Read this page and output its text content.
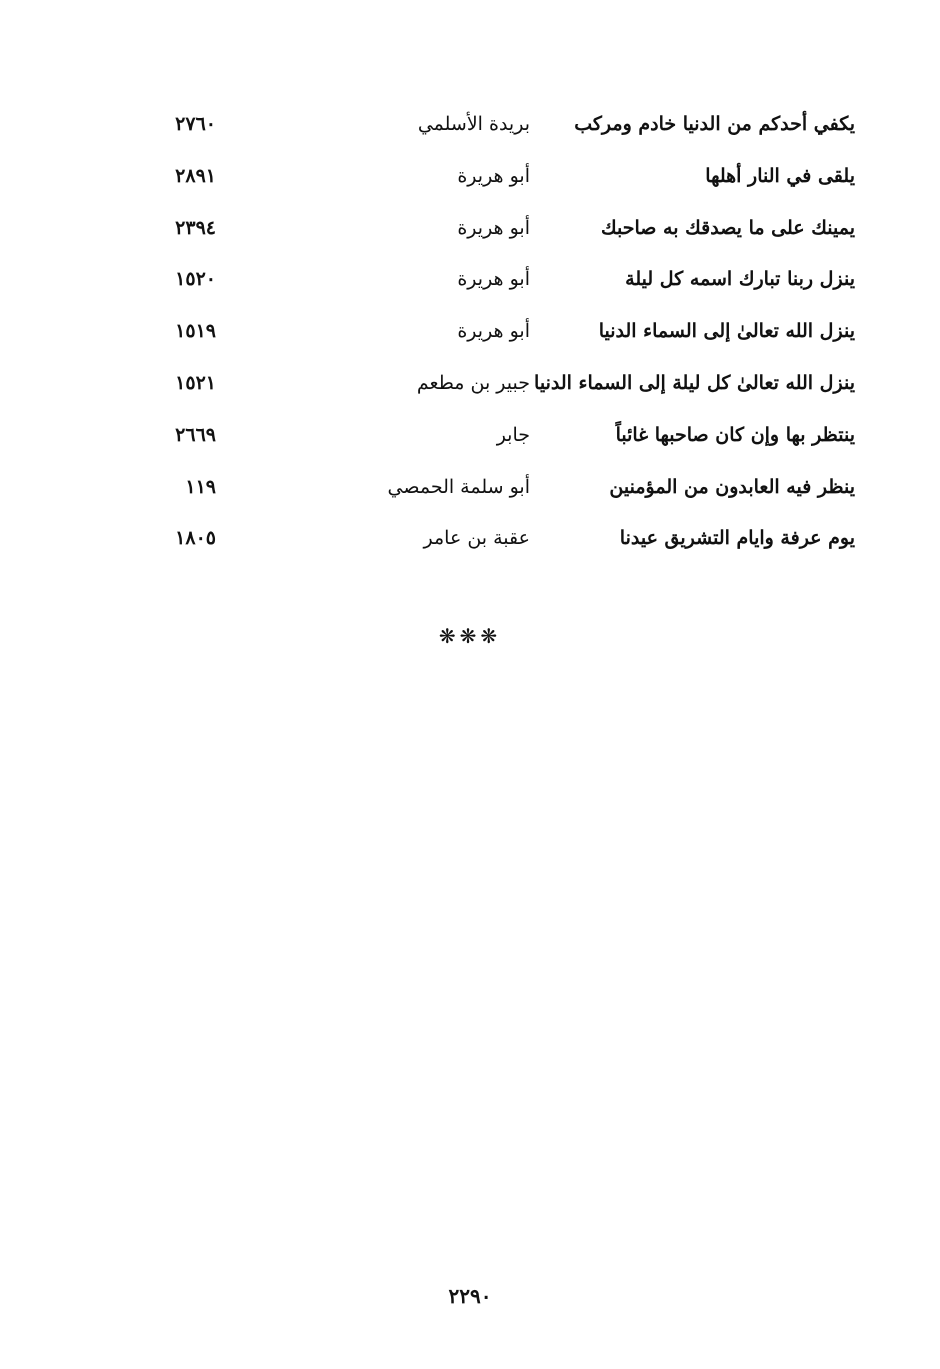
يكفي أحدكم من الدنيا خادم ومركب
بريدة الأسلمي
٢٧٦٠
يلقى في النار أهلها
أبو هريرة
٢٨٩١
يمينك على ما يصدقك به صاحبك
أبو هريرة
٢٣٩٤
ينزل ربنا تبارك اسمه كل ليلة
أبو هريرة
١٥٢٠
ينزل الله تعالىٰ إلى السماء الدنيا
أبو هريرة
١٥١٩
ينزل الله تعالىٰ كل ليلة إلى السماء الدنيا
جبير بن مطعم
١٥٢١
ينتظر بها وإن كان صاحبها غائباً
جابر
٢٦٦٩
ينظر فيه العابدون من المؤمنين
أبو سلمة الحمصي
١١٩
يوم عرفة وايام التشريق عيدنا
عقبة بن عامر
١٨٠٥
❋❋❋
٢٢٩٠
